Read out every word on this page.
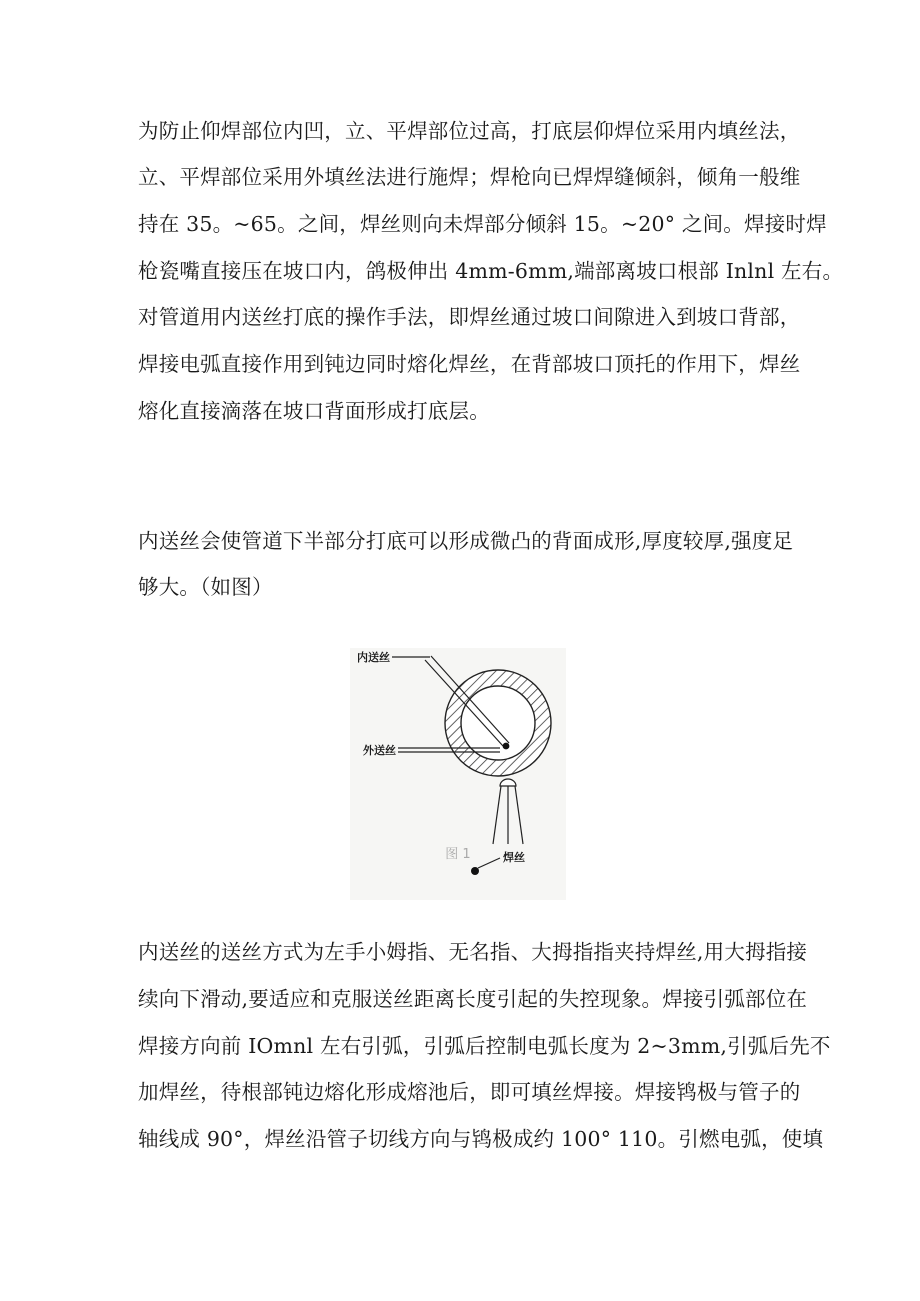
为防止仰焊部位内凹，立、平焊部位过高，打底层仰焊位采用内填丝法，
立、平焊部位采用外填丝法进行施焊；焊枪向已焊焊缝倾斜，倾角一般维
持在 35。~65。之间，焊丝则向未焊部分倾斜 15。~20° 之间。焊接时焊
枪瓷嘴直接压在坡口内，鸽极伸出 4mm-6mm,端部离坡口根部 Inlnl 左右。
对管道用内送丝打底的操作手法，即焊丝通过坡口间隙进入到坡口背部，
焊接电弧直接作用到钝边同时熔化焊丝，在背部坡口顶托的作用下，焊丝
熔化直接滴落在坡口背面形成打底层。
内送丝会使管道下半部分打底可以形成微凸的背面成形,厚度较厚,强度足
够大。（如图）
内送丝
外送丝
图 1	焊丝
内送丝的送丝方式为左手小姆指、无名指、大拇指指夹持焊丝,用大拇指接
续向下滑动,要适应和克服送丝距离长度引起的失控现象。焊接引弧部位在
焊接方向前 IOmnl 左右引弧，引弧后控制电弧长度为 2~3mm,引弧后先不
加焊丝，待根部钝边熔化形成熔池后，即可填丝焊接。焊接鸨极与管子的
轴线成 90°，焊丝沿管子切线方向与鸨极成约 100° 110。引燃电弧，使填
